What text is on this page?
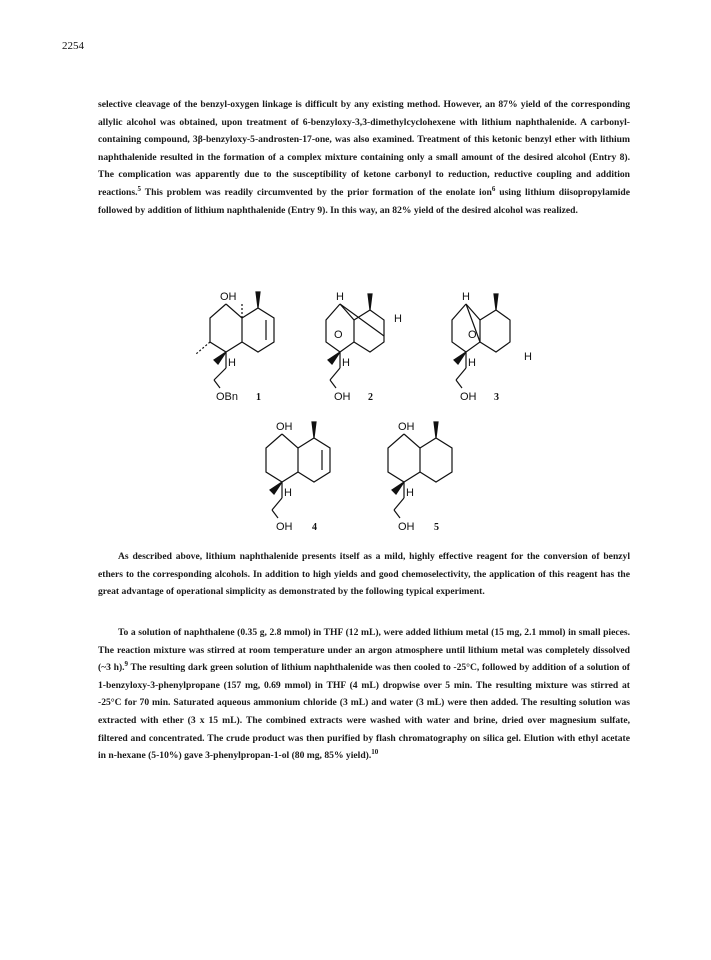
2254
selective cleavage of the benzyl-oxygen linkage is difficult by any existing method. However, an 87% yield of the corresponding allylic alcohol was obtained, upon treatment of 6-benzyloxy-3,3-dimethylcyclohexene with lithium naphthalenide. A carbonyl-containing compound, 3β-benzyloxy-5-androsten-17-one, was also examined. Treatment of this ketonic benzyl ether with lithium naphthalenide resulted in the formation of a complex mixture containing only a small amount of the desired alcohol (Entry 8). The complication was apparently due to the susceptibility of ketone carbonyl to reduction, reductive coupling and addition reactions.$^5$ This problem was readily circumvented by the prior formation of the enolate ion$^6$ using lithium diisopropylamide followed by addition of lithium naphthalenide (Entry 9). In this way, an 82% yield of the desired alcohol was realized.
OH
H
OBn 1
H
O
H
H
OH 2
H
O
H
H
OH 3
OH
H
OH 4
OH
H
OH 5
As described above, lithium naphthalenide presents itself as a mild, highly effective reagent for the conversion of benzyl ethers to the corresponding alcohols. In addition to high yields and good chemoselectivity, the application of this reagent has the great advantage of operational simplicity as demonstrated by the following typical experiment.
To a solution of naphthalene (0.35 g, 2.8 mmol) in THF (12 mL), were added lithium metal (15 mg, 2.1 mmol) in small pieces. The reaction mixture was stirred at room temperature under an argon atmosphere until lithium metal was completely dissolved (~3 h).$^9$ The resulting dark green solution of lithium naphthalenide was then cooled to -25°C, followed by addition of a solution of 1-benzyloxy-3-phenylpropane (157 mg, 0.69 mmol) in THF (4 mL) dropwise over 5 min. The resulting mixture was stirred at -25°C for 70 min. Saturated aqueous ammonium chloride (3 mL) and water (3 mL) were then added. The resulting solution was extracted with ether (3 x 15 mL). The combined extracts were washed with water and brine, dried over magnesium sulfate, filtered and concentrated. The crude product was then purified by flash chromatography on silica gel. Elution with ethyl acetate in n-hexane (5-10%) gave 3-phenylpropan-1-ol (80 mg, 85% yield).$^{10}$
